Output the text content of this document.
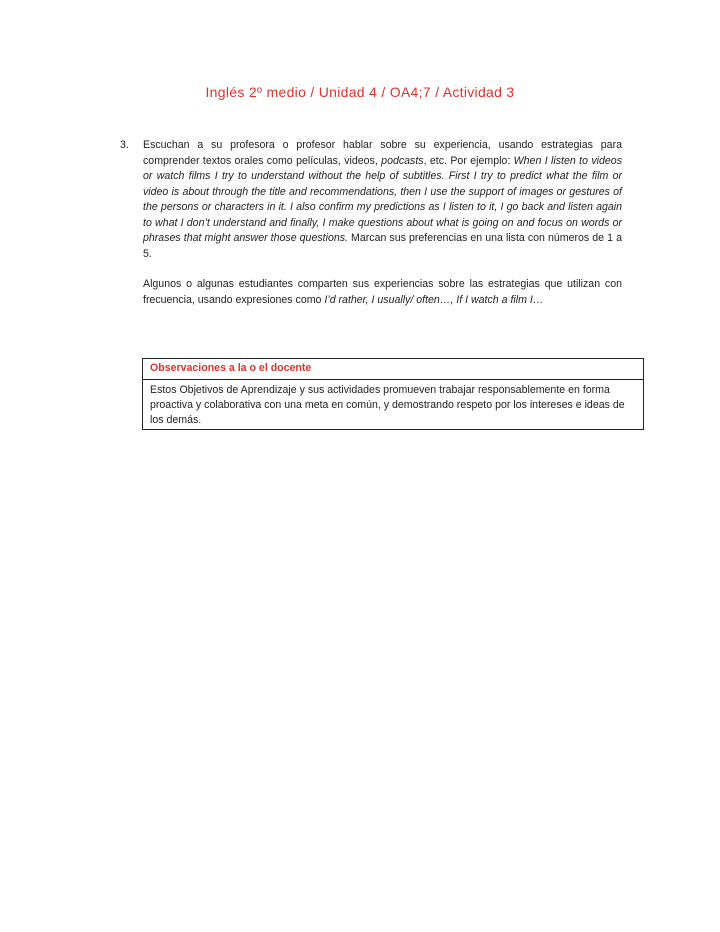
Inglés 2º medio / Unidad 4 / OA4;7 / Actividad 3
3. Escuchan a su profesora o profesor hablar sobre su experiencia, usando estrategias para comprender textos orales como películas, videos, podcasts, etc. Por ejemplo: When I listen to videos or watch films I try to understand without the help of subtitles. First I try to predict what the film or video is about through the title and recommendations, then I use the support of images or gestures of the persons or characters in it. I also confirm my predictions as I listen to it, I go back and listen again to what I don’t understand and finally, I make questions about what is going on and focus on words or phrases that might answer those questions. Marcan sus preferencias en una lista con números de 1 a 5.

Algunos o algunas estudiantes comparten sus experiencias sobre las estrategias que utilizan con frecuencia, usando expresiones como I’d rather, I usually/ often…, If I watch a film I…

Observaciones a la o el docente

Estos Objetivos de Aprendizaje y sus actividades promueven trabajar responsablemente en forma proactiva y colaborativa con una meta en común, y demostrando respeto por los intereses e ideas de los demás.
